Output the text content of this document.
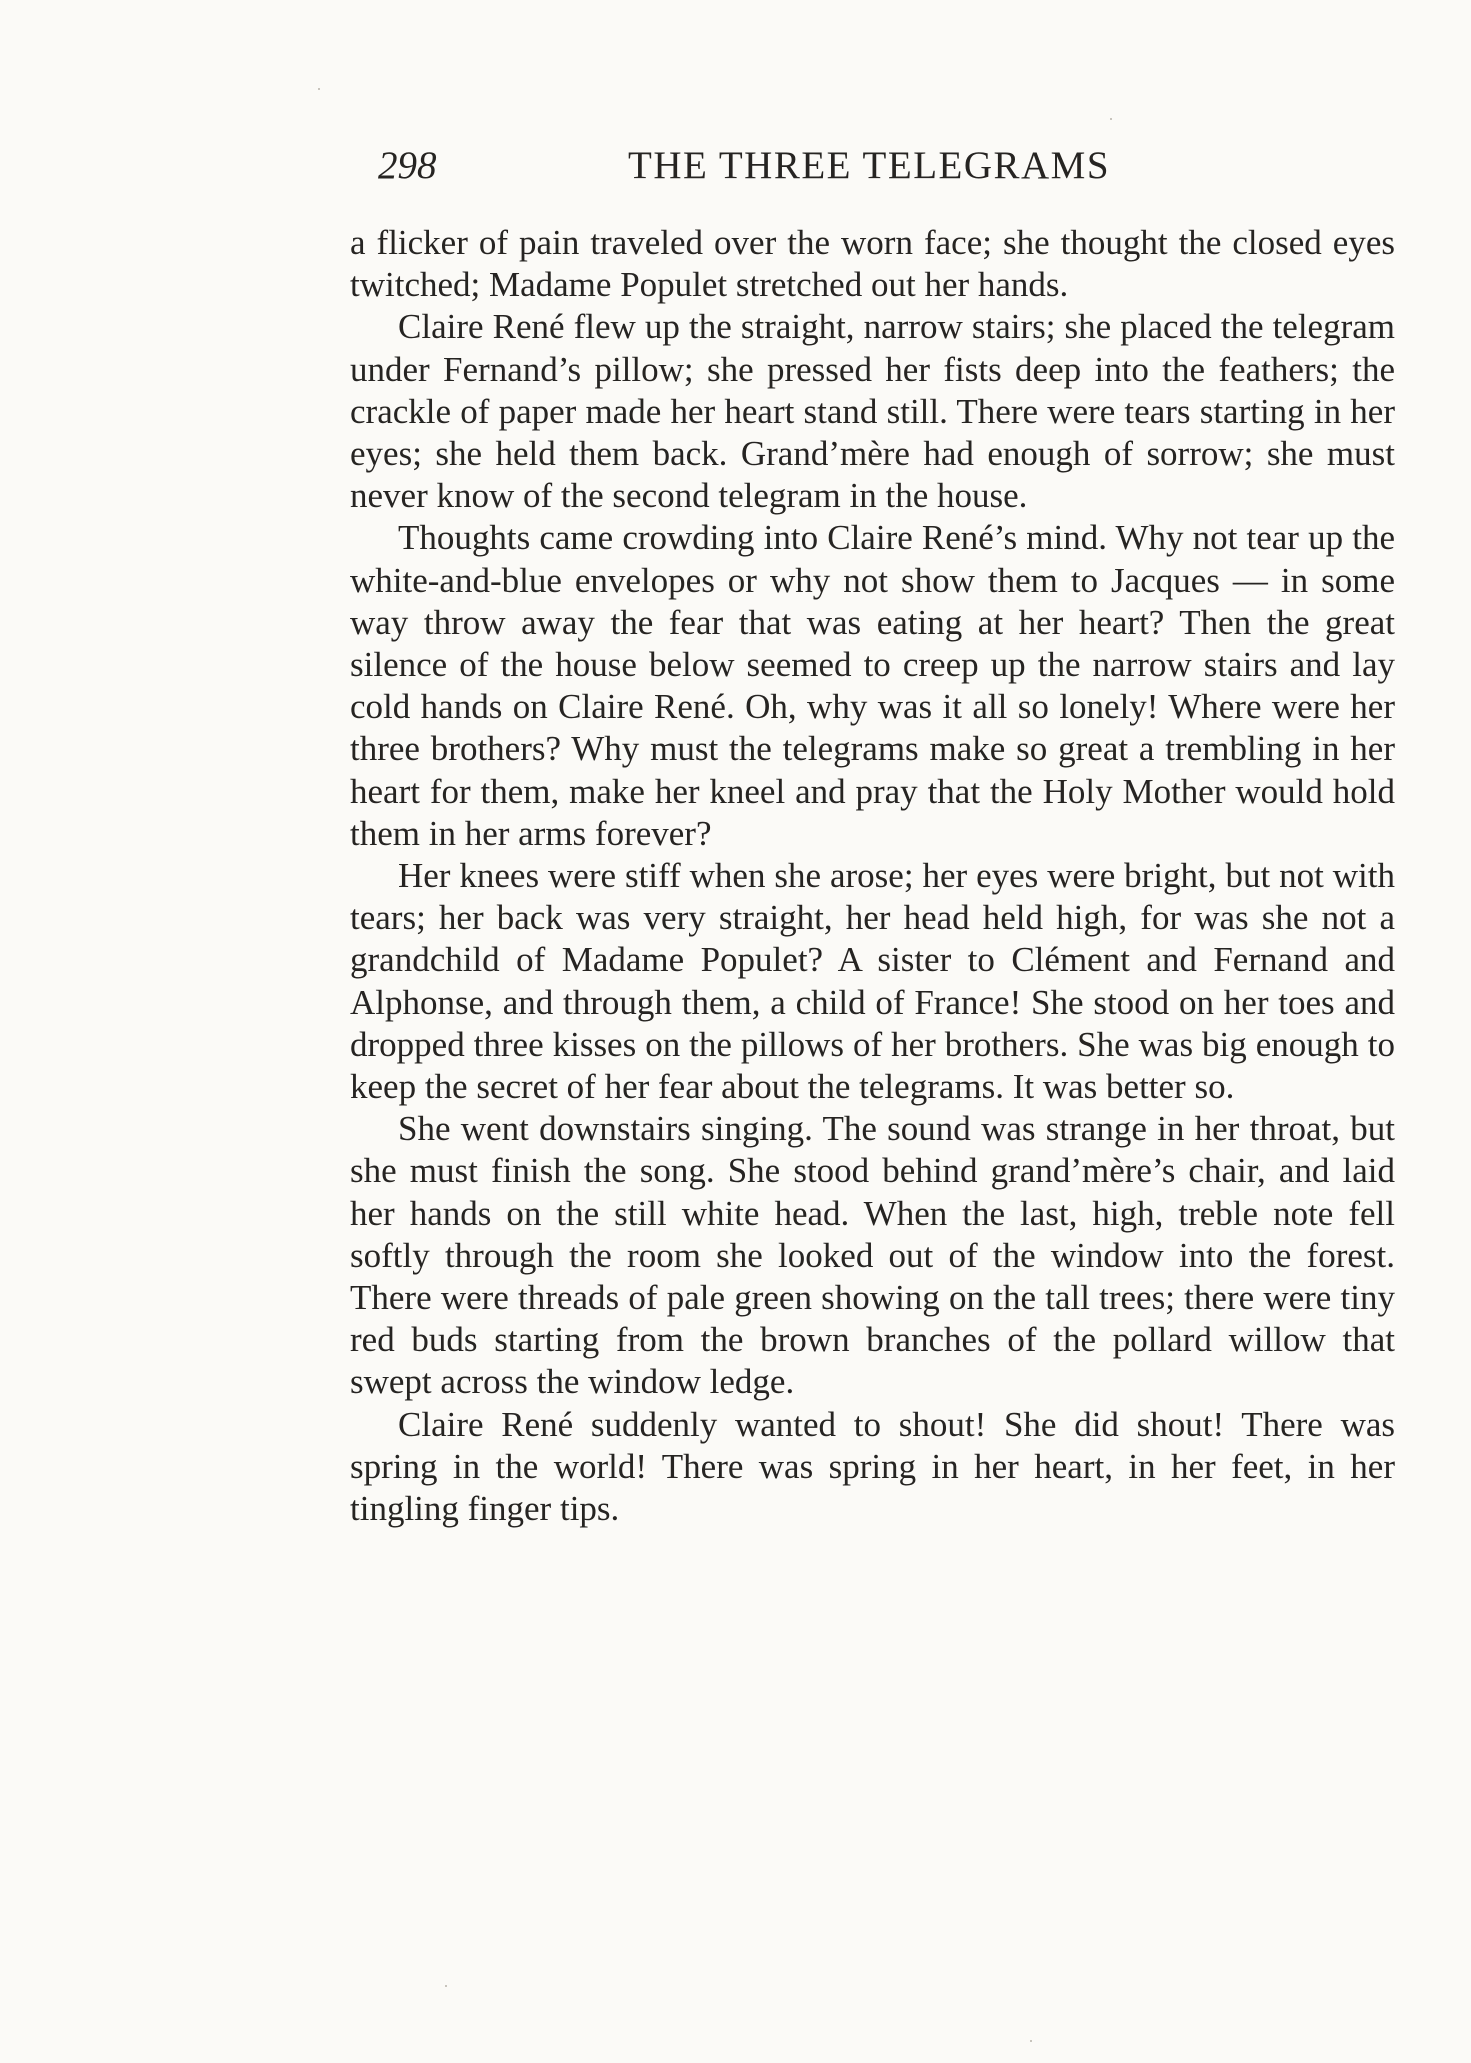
298	THE THREE TELEGRAMS

a flicker of pain traveled over the worn face; she thought the closed eyes twitched; Madame Populet stretched out her hands.

Claire René flew up the straight, narrow stairs; she placed the telegram under Fernand’s pillow; she pressed her fists deep into the feathers; the crackle of paper made her heart stand still. There were tears starting in her eyes; she held them back. Grand’mère had enough of sorrow; she must never know of the second telegram in the house.

Thoughts came crowding into Claire René’s mind. Why not tear up the white-and-blue envelopes or why not show them to Jacques — in some way throw away the fear that was eating at her heart? Then the great silence of the house below seemed to creep up the narrow stairs and lay cold hands on Claire René. Oh, why was it all so lonely! Where were her three brothers? Why must the telegrams make so great a trembling in her heart for them, make her kneel and pray that the Holy Mother would hold them in her arms forever?

Her knees were stiff when she arose; her eyes were bright, but not with tears; her back was very straight, her head held high, for was she not a grandchild of Madame Populet? A sister to Clément and Fernand and Alphonse, and through them, a child of France! She stood on her toes and dropped three kisses on the pillows of her brothers. She was big enough to keep the secret of her fear about the telegrams. It was better so.

She went downstairs singing. The sound was strange in her throat, but she must finish the song. She stood behind grand’mère’s chair, and laid her hands on the still white head. When the last, high, treble note fell softly through the room she looked out of the window into the forest. There were threads of pale green showing on the tall trees; there were tiny red buds starting from the brown branches of the pollard willow that swept across the window ledge.

Claire René suddenly wanted to shout! She did shout! There was spring in the world! There was spring in her heart, in her feet, in her tingling finger tips.
